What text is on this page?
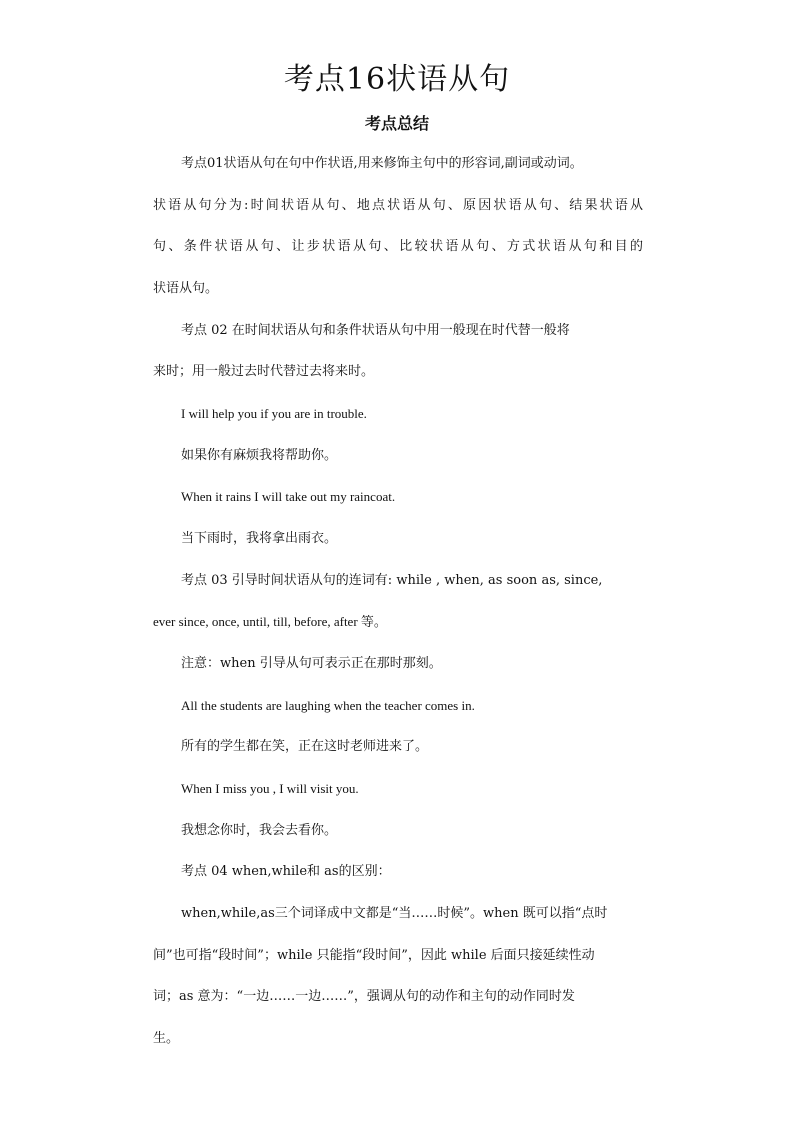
考点16状语从句
考点总结
考点01状语从句在句中作状语,用来修饰主句中的形容词,副词或动词。
状语从句分为:时间状语从句、地点状语从句、原因状语从句、结果状语从
句、条件状语从句、让步状语从句、比较状语从句、方式状语从句和目的
状语从句。
考点 02 在时间状语从句和条件状语从句中用一般现在时代替一般将
来时；用一般过去时代替过去将来时。
I will help you if you are in trouble.
如果你有麻烦我将帮助你。
When it rains I will take out my raincoat.
当下雨时，我将拿出雨衣。
考点 03 引导时间状语从句的连词有: while , when, as soon as, since,
ever since, once, until, till, before, after 等。
注意：when 引导从句可表示正在那时那刻。
All the students are laughing when the teacher comes in.
所有的学生都在笑，正在这时老师进来了。
When I miss you , I will visit you.
我想念你时，我会去看你。
考点 04 when,while和 as的区别：
when,while,as三个词译成中文都是“当……时候”。when 既可以指“点时
间”也可指“段时间”；while 只能指“段时间”，因此 while 后面只接延续性动
词；as 意为：“一边……一边……”，强调从句的动作和主句的动作同时发
生。
